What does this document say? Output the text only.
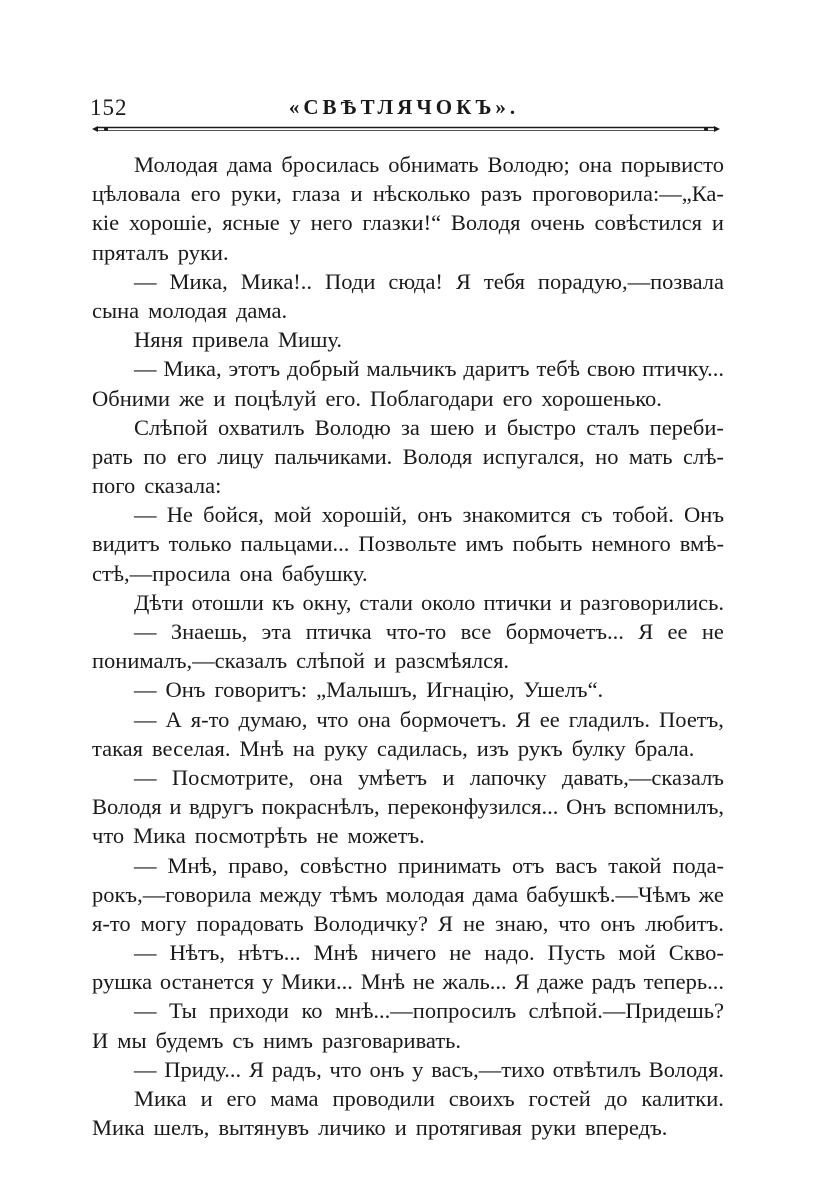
152	«СВѢТЛЯЧОКЪ».
Молодая дама бросилась обнимать Володю; она порывисто
цѣловала его руки, глаза и нѣсколько разъ проговорила:—„Ка-
кіе хорошіе, ясные у него глазки!“ Володя очень совѣстился и
пряталъ руки.
— Мика, Мика!.. Поди сюда! Я тебя порадую,—позвала
сына молодая дама.
Няня привела Мишу.
— Мика, этотъ добрый мальчикъ даритъ тебѣ свою птичку...
Обними же и поцѣлуй его. Поблагодари его хорошенько.
Слѣпой охватилъ Володю за шею и быстро сталъ переби-
рать по его лицу пальчиками. Володя испугался, но мать слѣ-
пого сказала:
— Не бойся, мой хорошій, онъ знакомится съ тобой. Онъ
видитъ только пальцами... Позвольте имъ побыть немного вмѣ-
стѣ,—просила она бабушку.
Дѣти отошли къ окну, стали около птички и разговорились.
— Знаешь, эта птичка что-то все бормочетъ... Я ее не
понималъ,—сказалъ слѣпой и разсмѣялся.
— Онъ говоритъ: „Малышъ, Игнацію, Ушелъ“.
— А я-то думаю, что она бормочетъ. Я ее гладилъ. Поетъ,
такая веселая. Мнѣ на руку садилась, изъ рукъ булку брала.
— Посмотрите, она умѣетъ и лапочку давать,—сказалъ
Володя и вдругъ покраснѣлъ, переконфузился... Онъ вспомнилъ,
что Мика посмотрѣть не можетъ.
— Мнѣ, право, совѣстно принимать отъ васъ такой пода-
рокъ,—говорила между тѣмъ молодая дама бабушкѣ.—Чѣмъ же
я-то могу порадовать Володичку? Я не знаю, что онъ любитъ.
— Нѣтъ, нѣтъ... Мнѣ ничего не надо. Пусть мой Скво-
рушка останется у Мики... Мнѣ не жаль... Я даже радъ теперь...
— Ты приходи ко мнѣ...—попросилъ слѣпой.—Придешь?
И мы будемъ съ нимъ разговаривать.
— Приду... Я радъ, что онъ у васъ,—тихо отвѣтилъ Володя.
Мика и его мама проводили своихъ гостей до калитки.
Мика шелъ, вытянувъ личико и протягивая руки впередъ.
